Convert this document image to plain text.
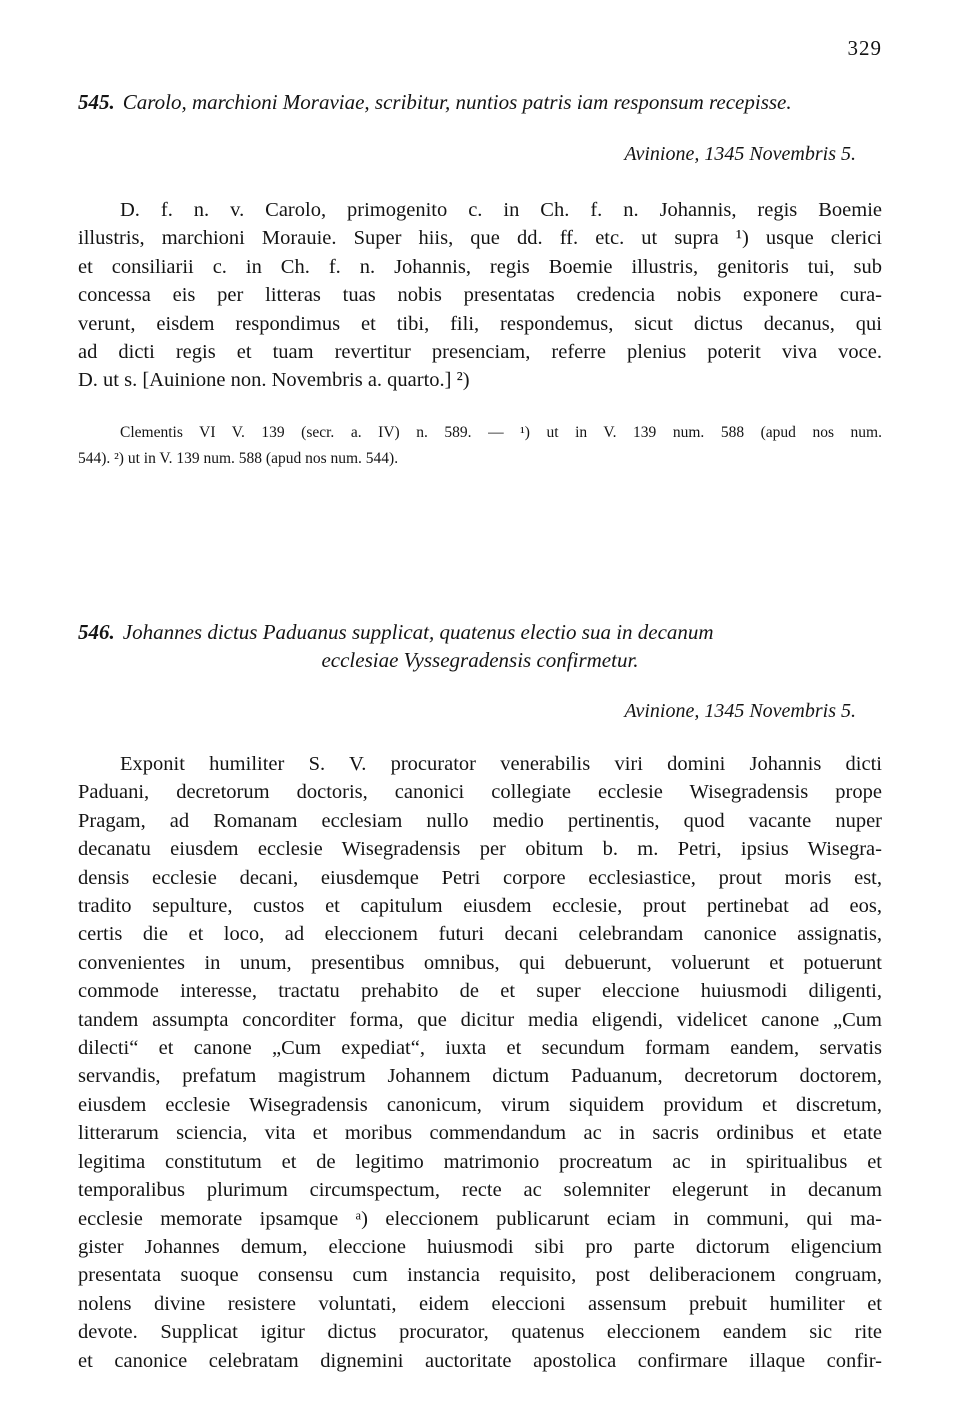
329
545. Carolo, marchioni Moraviae, scribitur, nuntios patris iam responsum recepisse.
Avinione, 1345 Novembris 5.
D. f. n. v. Carolo, primogenito c. in Ch. f. n. Johannis, regis Boemie
illustris, marchioni Morauie. Super hiis, que dd. ff. etc. ut supra ¹) usque clerici
et consiliarii c. in Ch. f. n. Johannis, regis Boemie illustris, genitoris tui, sub
concessa eis per litteras tuas nobis presentatas credencia nobis exponere cura-
verunt, eisdem respondimus et tibi, fili, respondemus, sicut dictus decanus, qui
ad dicti regis et tuam revertitur presenciam, referre plenius poterit viva voce.
D. ut s. [Auinione non. Novembris a. quarto.] ²)
Clementis VI V. 139 (secr. a. IV) n. 589. — ¹) ut in V. 139 num. 588 (apud nos num.
544). ²) ut in V. 139 num. 588 (apud nos num. 544).
546. Johannes dictus Paduanus supplicat, quatenus electio sua in decanum
ecclesiae Vyssegradensis confirmetur.
Avinione, 1345 Novembris 5.
Exponit humiliter S. V. procurator venerabilis viri domini Johannis dicti
Paduani, decretorum doctoris, canonici collegiate ecclesie Wisegradensis prope
Pragam, ad Romanam ecclesiam nullo medio pertinentis, quod vacante nuper
decanatu eiusdem ecclesie Wisegradensis per obitum b. m. Petri, ipsius Wisegra-
densis ecclesie decani, eiusdemque Petri corpore ecclesiastice, prout moris est,
tradito sepulture, custos et capitulum eiusdem ecclesie, prout pertinebat ad eos,
certis die et loco, ad eleccionem futuri decani celebrandam canonice assignatis,
convenientes in unum, presentibus omnibus, qui debuerunt, voluerunt et potuerunt
commode interesse, tractatu prehabito de et super eleccione huiusmodi diligenti,
tandem assumpta concorditer forma, que dicitur media eligendi, videlicet canone „Cum
dilecti“ et canone „Cum expediat“, iuxta et secundum formam eandem, servatis
servandis, prefatum magistrum Johannem dictum Paduanum, decretorum doctorem,
eiusdem ecclesie Wisegradensis canonicum, virum siquidem providum et discretum,
litterarum sciencia, vita et moribus commendandum ac in sacris ordinibus et etate
legitima constitutum et de legitimo matrimonio procreatum ac in spiritualibus et
temporalibus plurimum circumspectum, recte ac solemniter elegerunt in decanum
ecclesie memorate ipsamque ᵃ) eleccionem publicarunt eciam in communi, qui ma-
gister Johannes demum, eleccione huiusmodi sibi pro parte dictorum eligencium
presentata suoque consensu cum instancia requisito, post deliberacionem congruam,
nolens divine resistere voluntati, eidem eleccioni assensum prebuit humiliter et
devote. Supplicat igitur dictus procurator, quatenus eleccionem eandem sic rite
et canonice celebratam dignemini auctoritate apostolica confirmare illaque confir-
